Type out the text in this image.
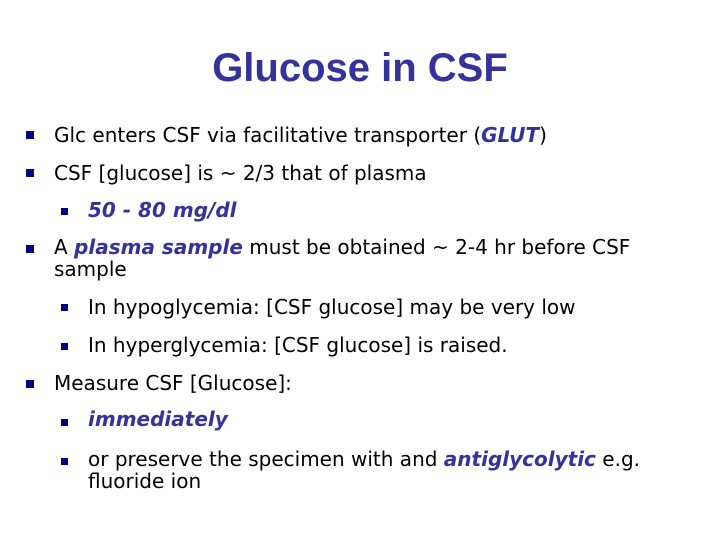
Glucose in CSF
Glc enters CSF via facilitative transporter (GLUT)
CSF [glucose] is ~ 2/3 that of plasma
50 - 80 mg/dl
A plasma sample must be obtained ~ 2-4 hr before CSF
sample
In hypoglycemia: [CSF glucose] may be very low
In hyperglycemia: [CSF glucose] is raised.
Measure CSF [Glucose]:
immediately
or preserve the specimen with and antiglycolytic e.g.
fluoride ion
